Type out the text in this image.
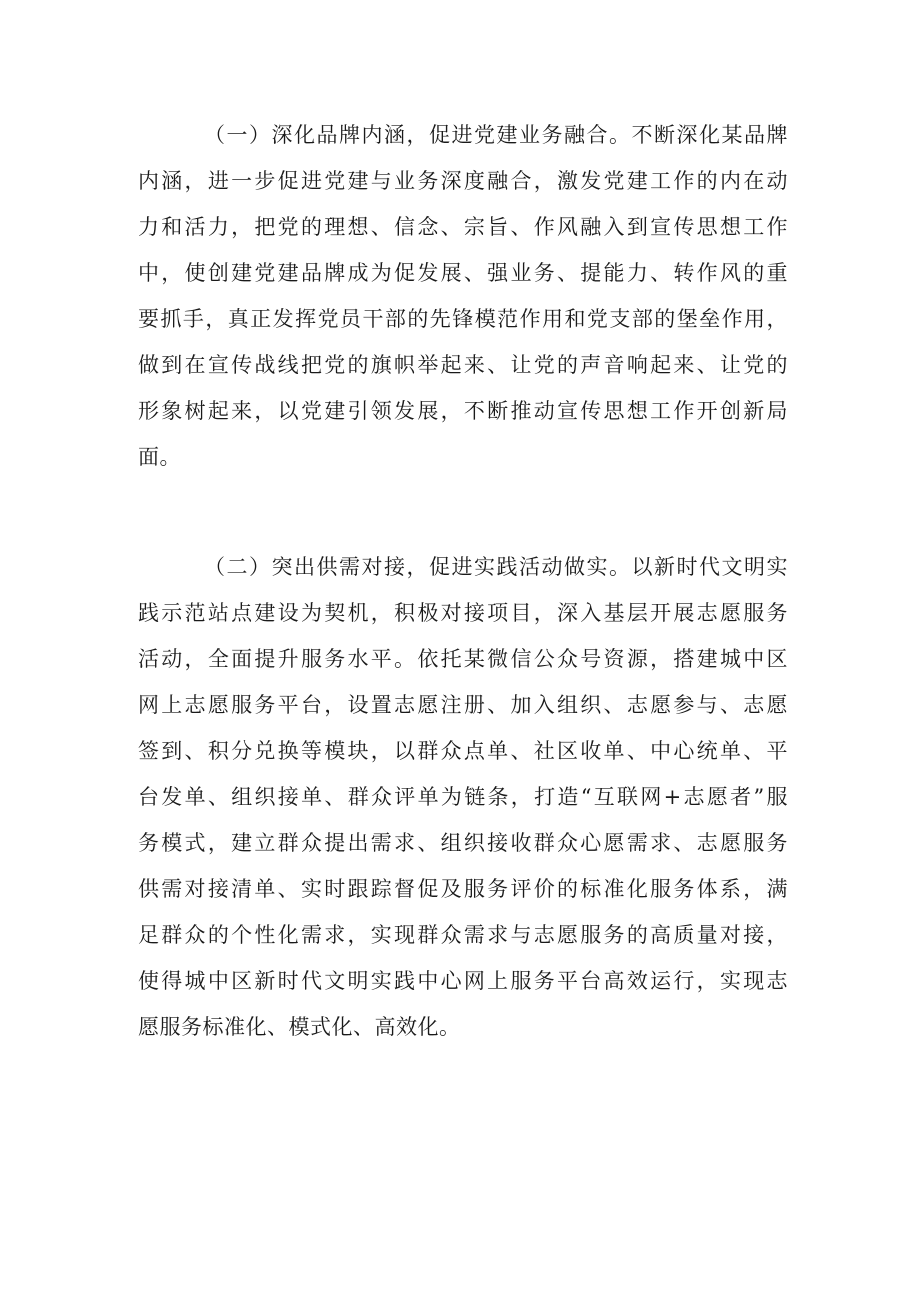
（一）深化品牌内涵，促进党建业务融合。不断深化某品牌
内涵，进一步促进党建与业务深度融合，激发党建工作的内在动
力和活力，把党的理想、信念、宗旨、作风融入到宣传思想工作
中，使创建党建品牌成为促发展、强业务、提能力、转作风的重
要抓手，真正发挥党员干部的先锋模范作用和党支部的堡垒作用，
做到在宣传战线把党的旗帜举起来、让党的声音响起来、让党的
形象树起来，以党建引领发展，不断推动宣传思想工作开创新局
面。
（二）突出供需对接，促进实践活动做实。以新时代文明实
践示范站点建设为契机，积极对接项目，深入基层开展志愿服务
活动，全面提升服务水平。依托某微信公众号资源，搭建城中区
网上志愿服务平台，设置志愿注册、加入组织、志愿参与、志愿
签到、积分兑换等模块，以群众点单、社区收单、中心统单、平
台发单、组织接单、群众评单为链条，打造“互联网+志愿者”服
务模式，建立群众提出需求、组织接收群众心愿需求、志愿服务
供需对接清单、实时跟踪督促及服务评价的标准化服务体系，满
足群众的个性化需求，实现群众需求与志愿服务的高质量对接，
使得城中区新时代文明实践中心网上服务平台高效运行，实现志
愿服务标准化、模式化、高效化。
